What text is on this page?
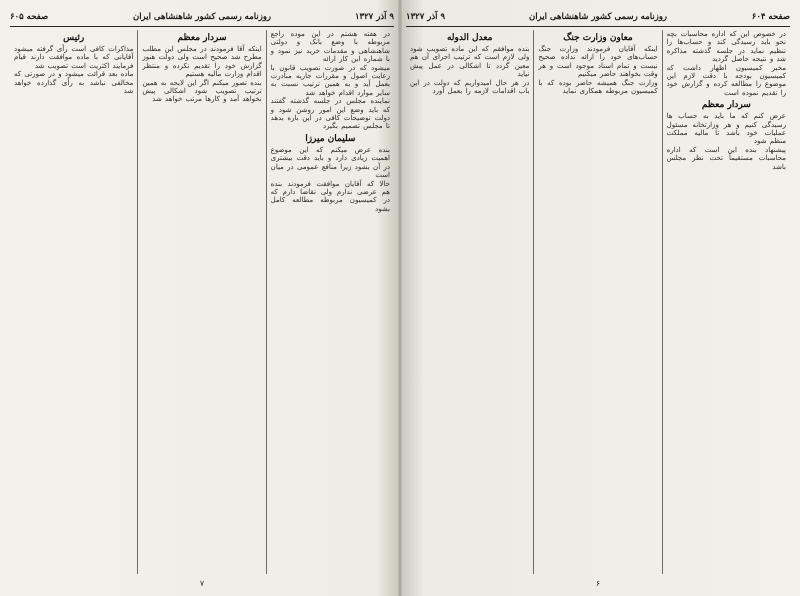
۹ آذر ۱۳۲۷
روزنامه رسمی کشور شاهنشاهی ایران
صفحه ۶۰۵

در هفته هشتم در این موده راجع مربوطه با وضع بانک و دولتی شاهنشاهی و مقدمات خرید نیز نمود و با شماره این کار ارائه

میشود که در صورت تصویب قانون با رعایت اصول و مقررات جاریه مبادرت بعمل آید و به همین ترتیب نسبت به سایر موارد اقدام خواهد شد

نماینده مجلس در جلسه گذشته گفتند که باید وضع این امور روشن شود و دولت توضیحات کافی در این باره بدهد تا مجلس تصمیم بگیرد

سلیمان میرزا

بنده عرض میکنم که این موضوع اهمیت زیادی دارد و باید دقت بیشتری در آن بشود زیرا منافع عمومی در میان است

حالا که آقایان موافقت فرمودند بنده هم عرضی ندارم ولی تقاضا دارم که در کمیسیون مربوطه مطالعه کامل بشود

سردار معظم

اینکه آقا فرمودند در مجلس این مطلب مطرح شد صحیح است ولی دولت هنوز گزارش خود را تقدیم نکرده و منتظر اقدام وزارت مالیه هستیم

بنده تصور میکنم اگر این لایحه به همین ترتیب تصویب شود اشکالی پیش نخواهد آمد و کارها مرتب خواهد شد

رئیس

مذاکرات کافی است رأی گرفته میشود آقایانی که با ماده موافقت دارند قیام فرمایند اکثریت است تصویب شد

ماده بعد قرائت میشود و در صورتی که مخالفی نباشد به رأی گذارده خواهد شد

۷
صفحه ۶۰۴
روزنامه رسمی کشور شاهنشاهی ایران
۹ آذر ۱۳۲۷

در خصوص این که اداره محاسبات بچه نحو باید رسیدگی کند و حساب‌ها را تنظیم نماید در جلسه گذشته مذاکره شد و نتیجه حاصل گردید

مخبر کمیسیون اظهار داشت که کمیسیون بودجه با دقت لازم این موضوع را مطالعه کرده و گزارش خود را تقدیم نموده است

سردار معظم

عرض کنم که ما باید به حساب ها رسیدگی کنیم و هر وزارتخانه مسئول عملیات خود باشد تا مالیه مملکت منظم شود

پیشنهاد بنده این است که اداره محاسبات مستقیماً تحت نظر مجلس باشد

معاون وزارت جنگ

اینکه آقایان فرمودند وزارت جنگ حساب‌های خود را ارائه نداده صحیح نیست و تمام اسناد موجود است و هر وقت بخواهند حاضر میکنیم

وزارت جنگ همیشه حاضر بوده که با کمیسیون مربوطه همکاری نماید

معدل الدوله

بنده موافقم که این ماده تصویب شود ولی لازم است که ترتیب اجرای آن هم معین گردد تا اشکالی در عمل پیش نیاید

در هر حال امیدواریم که دولت در این باب اقدامات لازمه را بعمل آورد

۶
